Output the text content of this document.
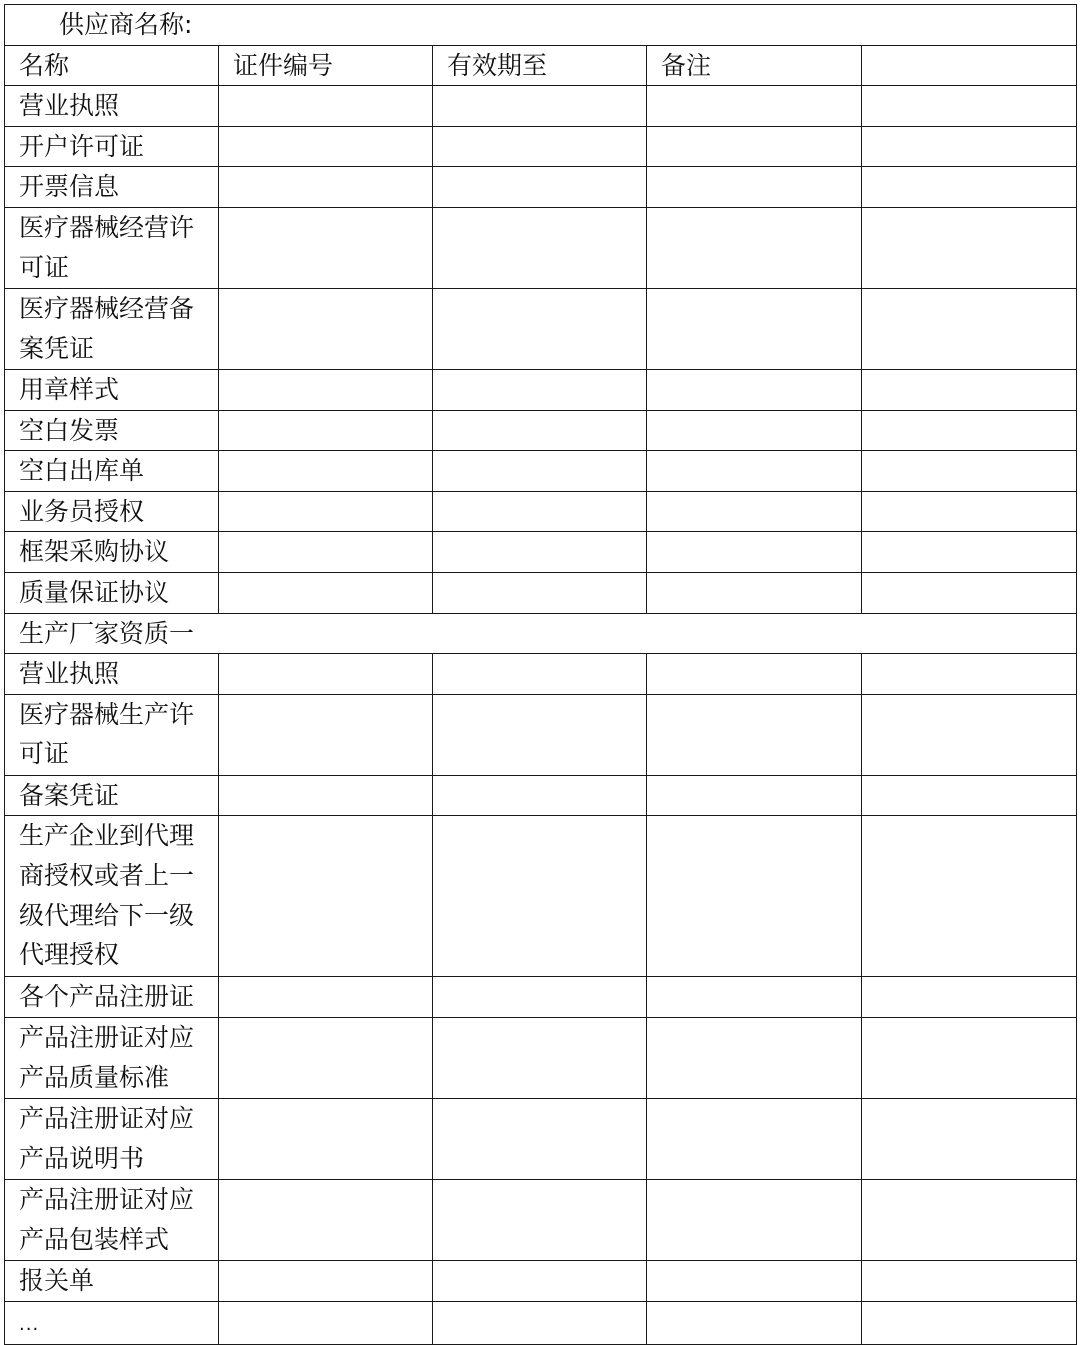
供应商名称:				
名称	证件编号	有效期至	备注	
营业执照				
开户许可证				
开票信息				
医疗器械经营许
可证				
医疗器械经营备
案凭证				
用章样式				
空白发票				
空白出库单				
业务员授权				
框架采购协议				
质量保证协议				
生产厂家资质一				
营业执照				
医疗器械生产许
可证				
备案凭证				
生产企业到代理
商授权或者上一
级代理给下一级
代理授权				
各个产品注册证				
产品注册证对应
产品质量标准				
产品注册证对应
产品说明书				
产品注册证对应
产品包装样式				
报关单				
...				
